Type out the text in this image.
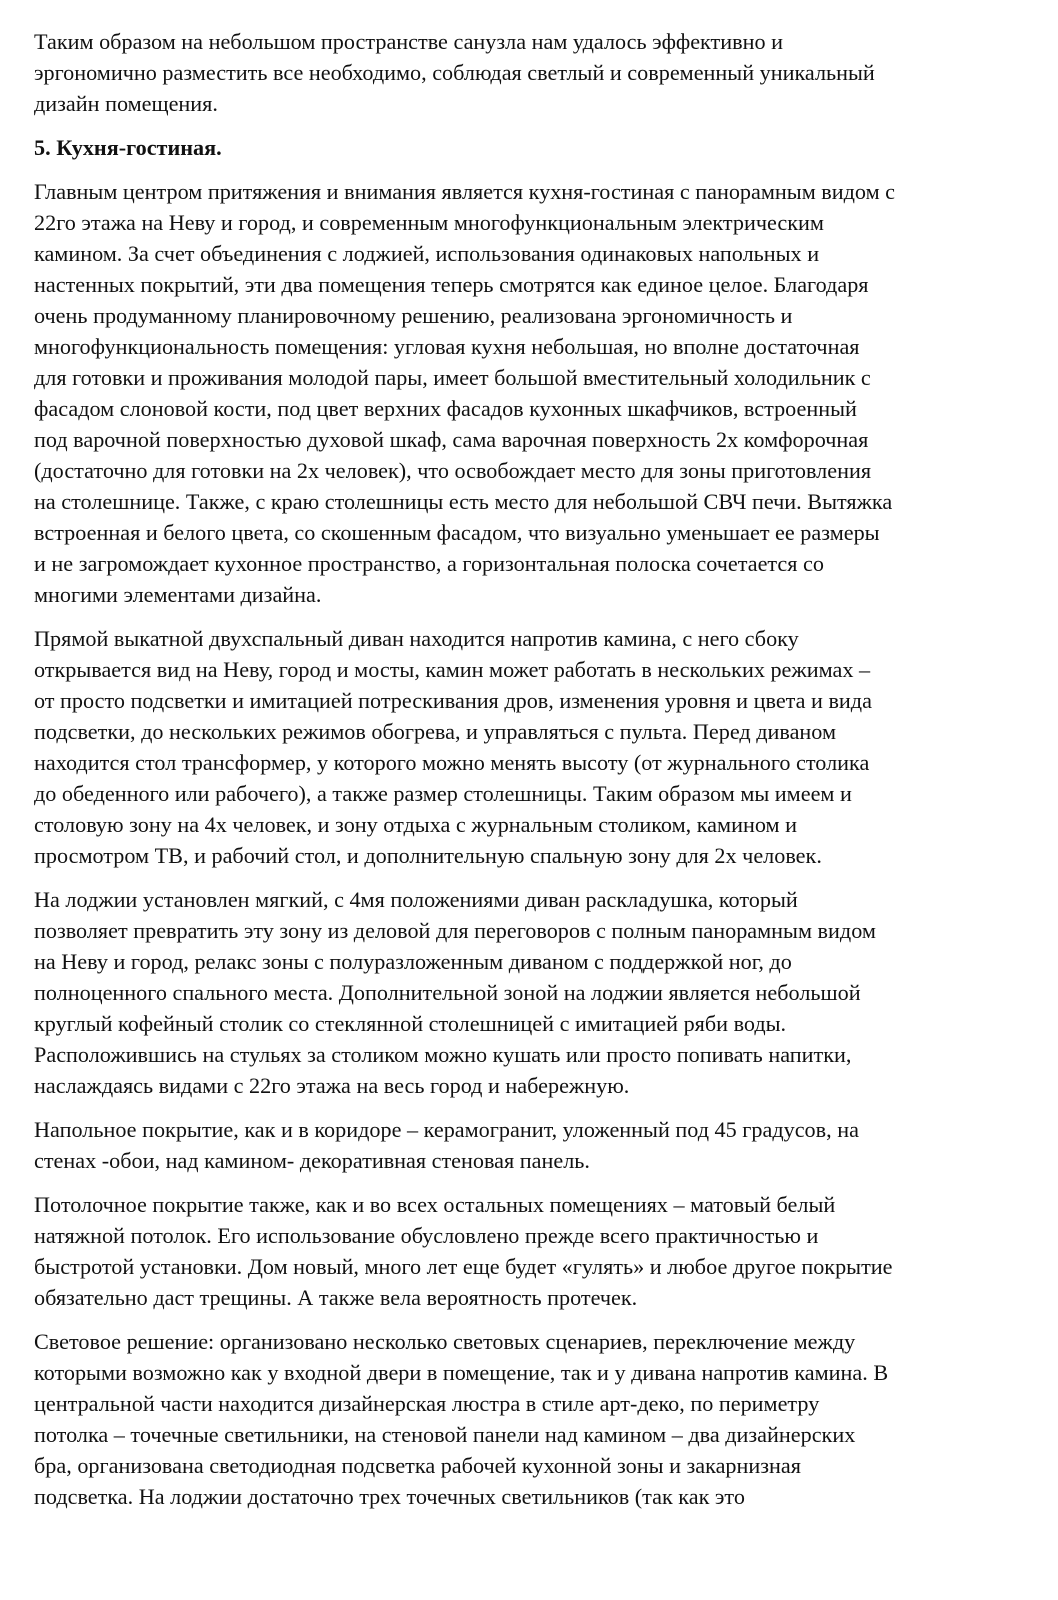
Таким образом на небольшом пространстве санузла нам удалось эффективно и
эргономично разместить все необходимо, соблюдая светлый и современный уникальный
дизайн помещения.

5. Кухня-гостиная.

Главным центром притяжения и внимания является кухня-гостиная с панорамным видом с
22го этажа на Неву и город, и современным многофункциональным электрическим
камином. За счет объединения с лоджией, использования одинаковых напольных и
настенных покрытий, эти два помещения теперь смотрятся как единое целое. Благодаря
очень продуманному планировочному решению, реализована эргономичность и
многофункциональность помещения: угловая кухня небольшая, но вполне достаточная
для готовки и проживания молодой пары, имеет большой вместительный холодильник с
фасадом слоновой кости, под цвет верхних фасадов кухонных шкафчиков, встроенный
под варочной поверхностью духовой шкаф, сама варочная поверхность 2х комфорочная
(достаточно для готовки на 2х человек), что освобождает место для зоны приготовления
на столешнице. Также, с краю столешницы есть место для небольшой СВЧ печи. Вытяжка
встроенная и белого цвета, со скошенным фасадом, что визуально уменьшает ее размеры
и не загромождает кухонное пространство, а горизонтальная полоска сочетается со
многими элементами дизайна.

Прямой выкатной двухспальный диван находится напротив камина, с него сбоку
открывается вид на Неву, город и мосты, камин может работать в нескольких режимах –
от просто подсветки и имитацией потрескивания дров, изменения уровня и цвета и вида
подсветки, до нескольких режимов обогрева, и управляться с пульта. Перед диваном
находится стол трансформер, у которого можно менять высоту (от журнального столика
до обеденного или рабочего), а также размер столешницы. Таким образом мы имеем и
столовую зону на 4х человек, и зону отдыха с журнальным столиком, камином и
просмотром ТВ, и рабочий стол, и дополнительную спальную зону для 2х человек.

На лоджии установлен мягкий, с 4мя положениями диван раскладушка, который
позволяет превратить эту зону из деловой для переговоров с полным панорамным видом
на Неву и город, релакс зоны с полуразложенным диваном с поддержкой ног, до
полноценного спального места. Дополнительной зоной на лоджии является небольшой
круглый кофейный столик со стеклянной столешницей с имитацией ряби воды.
Расположившись на стульях за столиком можно кушать или просто попивать напитки,
наслаждаясь видами с 22го этажа на весь город и набережную.

Напольное покрытие, как и в коридоре – керамогранит, уложенный под 45 градусов, на
стенах -обои, над камином- декоративная стеновая панель.

Потолочное покрытие также, как и во всех остальных помещениях – матовый белый
натяжной потолок. Его использование обусловлено прежде всего практичностью и
быстротой установки. Дом новый, много лет еще будет «гулять» и любое другое покрытие
обязательно даст трещины. А также вела вероятность протечек.

Световое решение: организовано несколько световых сценариев, переключение между
которыми возможно как у входной двери в помещение, так и у дивана напротив камина. В
центральной части находится дизайнерская люстра в стиле арт-деко, по периметру
потолка – точечные светильники, на стеновой панели над камином – два дизайнерских
бра, организована светодиодная подсветка рабочей кухонной зоны и закарнизная
подсветка. На лоджии достаточно трех точечных светильников (так как это
